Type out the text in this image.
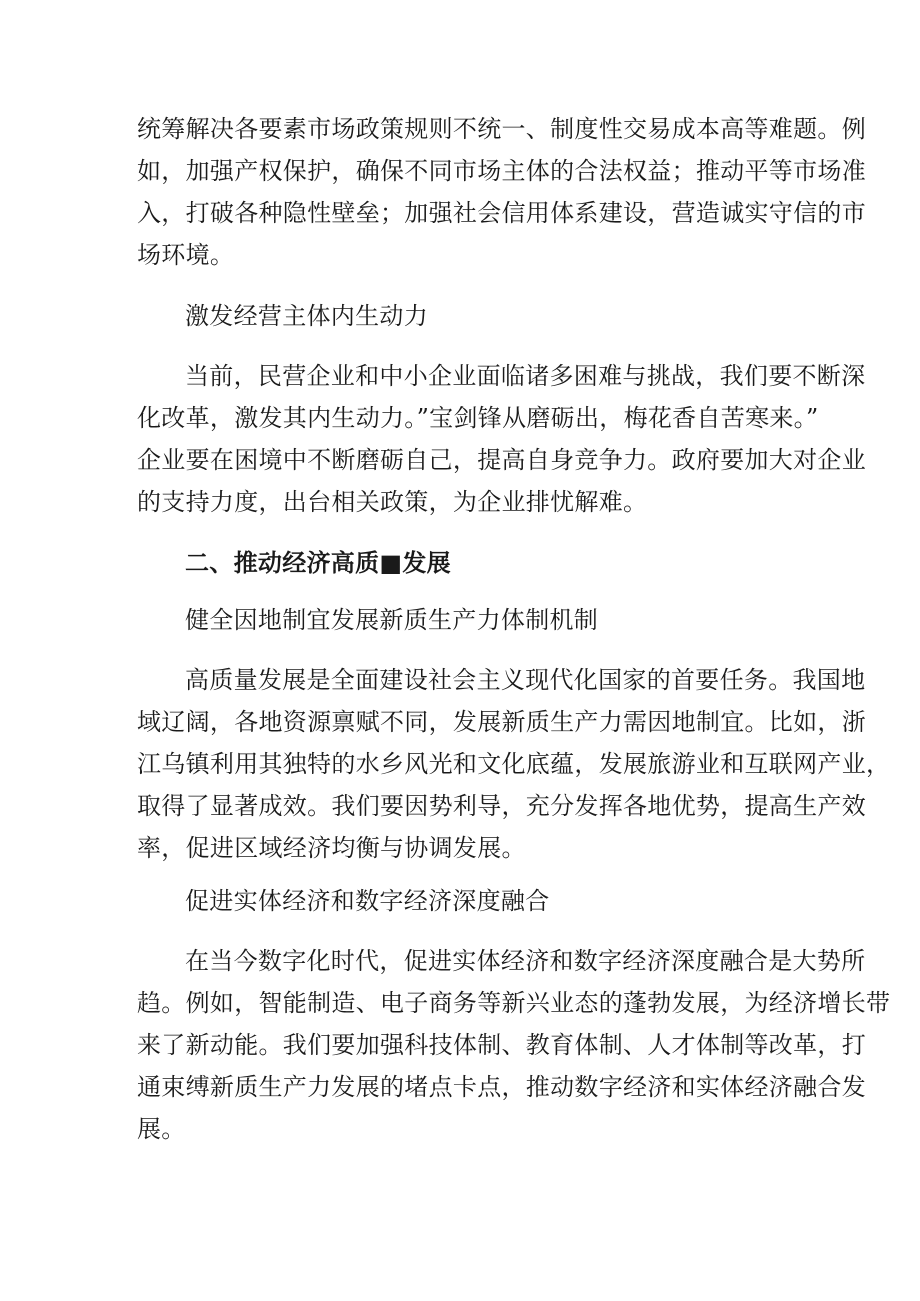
统筹解决各要素市场政策规则不统一、制度性交易成本高等难题。例
如，加强产权保护，确保不同市场主体的合法权益；推动平等市场准
入，打破各种隐性壁垒；加强社会信用体系建设，营造诚实守信的市
场环境。
激发经营主体内生动力
当前，民营企业和中小企业面临诸多困难与挑战，我们要不断深
化改革，激发其内生动力。”宝剑锋从磨砺出，梅花香自苦寒来。”
企业要在困境中不断磨砺自己，提高自身竞争力。政府要加大对企业
的支持力度，出台相关政策，为企业排忧解难。
二、推动经济高质■发展
健全因地制宜发展新质生产力体制机制
高质量发展是全面建设社会主义现代化国家的首要任务。我国地
域辽阔，各地资源禀赋不同，发展新质生产力需因地制宜。比如，浙
江乌镇利用其独特的水乡风光和文化底蕴，发展旅游业和互联网产业，
取得了显著成效。我们要因势利导，充分发挥各地优势，提高生产效
率，促进区域经济均衡与协调发展。
促进实体经济和数字经济深度融合
在当今数字化时代，促进实体经济和数字经济深度融合是大势所
趋。例如，智能制造、电子商务等新兴业态的蓬勃发展，为经济增长带
来了新动能。我们要加强科技体制、教育体制、人才体制等改革，打
通束缚新质生产力发展的堵点卡点，推动数字经济和实体经济融合发
展。
